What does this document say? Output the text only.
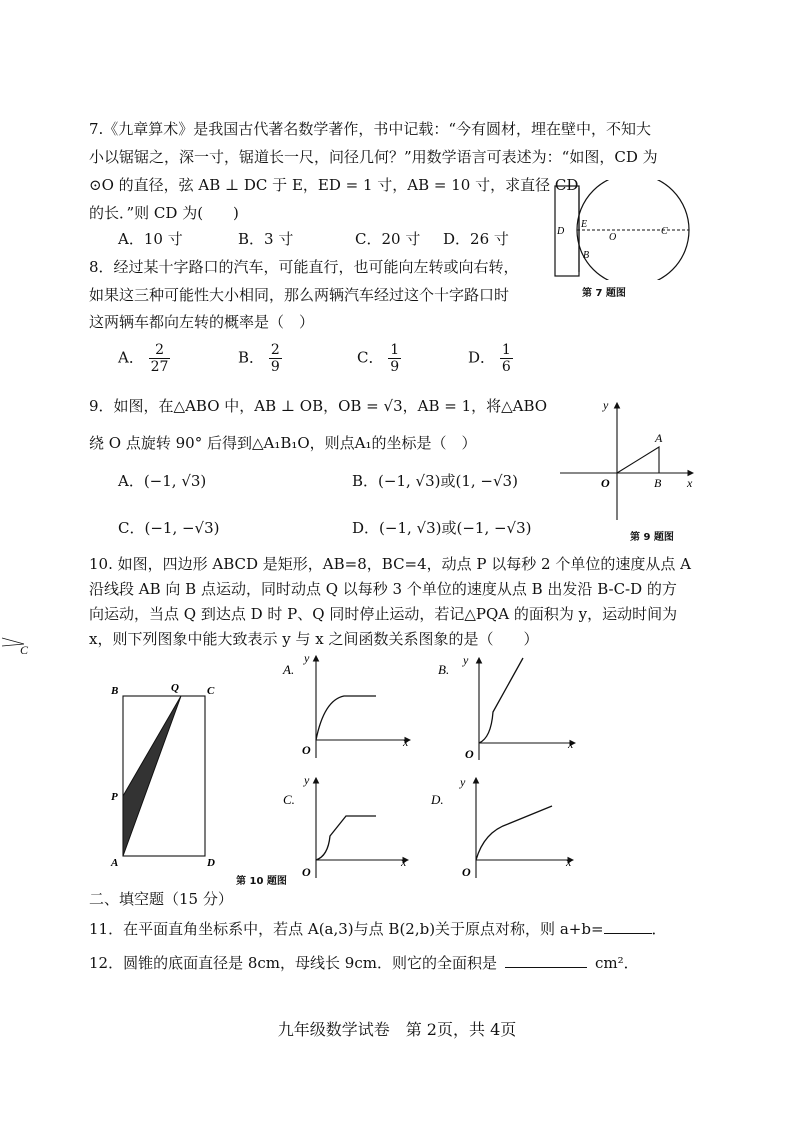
7.《九章算术》是我国古代著名数学著作，书中记载：“今有圆材，埋在壁中，不知大
小以锯锯之，深一寸，锯道长一尺，问径几何？”用数学语言可表述为：“如图，CD 为
⊙O 的直径，弦 AB ⊥ DC 于 E，ED = 1 寸，AB = 10 寸，求直径 CD
的长．”则 CD 为(　　)
A．10 寸	B．3 寸	C．20 寸 D．26 寸	D
E
O
C
B
第 7 题图
8．经过某十字路口的汽车，可能直行，也可能向左转或向右转，
如果这三种可能性大小相同，那么两辆汽车经过这个十字路口时
这两辆车都向左转的概率是（　）
A． $\frac{2}{27}$	B． $\frac{2}{9}$	C． $\frac{1}{9}$	D． $\frac{1}{6}$
9．如图，在△ABO 中，AB ⊥ OB，OB = √3，AB = 1，将△ABO
绕 O 点旋转 90° 后得到△A₁B₁O，则点A₁的坐标是（　）
A．(−1, √3)	B．(−1, √3)或(1, −√3)
C．(−1, −√3)	D．(−1, √3)或(−1, −√3)
y
x
O
A
B
第 9 题图
10. 如图，四边形 ABCD 是矩形，AB=8，BC=4，动点 P 以每秒 2 个单位的速度从点 A
沿线段 AB 向 B 点运动，同时动点 Q 以每秒 3 个单位的速度从点 B 出发沿 B-C-D 的方
向运动，当点 Q 到达点 D 时 P、Q 同时停止运动，若记△PQA 的面积为 y，运动时间为
x，则下列图象中能大致表示 y 与 x 之间函数关系图象的是（　　）
B	Q	C
P
A	D
第 10 题图
A.
y
x
O
B.
y
x
O
C.
y
x
O
D.
y
x
O
二、填空题（15 分）
11．在平面直角坐标系中，若点 A(a,3)与点 B(2,b)关于原点对称，则 a+b=	．
12．圆锥的底面直径是 8cm，母线长 9cm．则它的全面积是	cm²．
九年级数学试卷　第 2页，共 4页
C
